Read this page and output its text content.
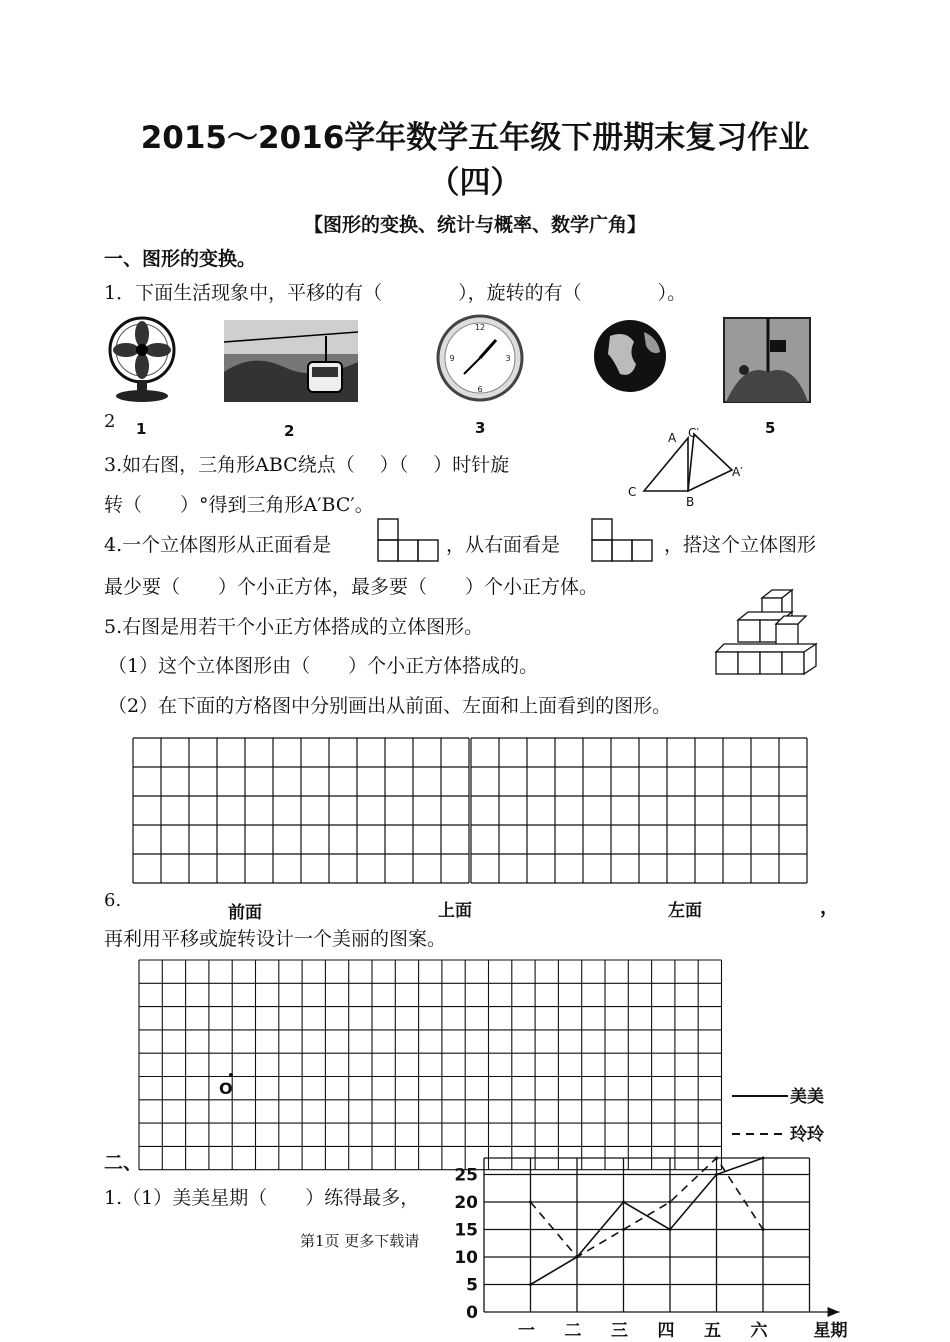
2015～2016学年数学五年级下册期末复习作业
（四）
【图形的变换、统计与概率、数学广角】
一、图形的变换。
1．下面生活现象中，平移的有（　　　　），旋转的有（　　　　）。
12
3
6
9
1	2	3	5
2
3.如右图，三角形ABC绕点（　 ）（　 ）时针旋
转（　　）°得到三角形A′BC′。
A C′
A′
C
B
4.一个立体图形从正面看是	，从右面看是	，搭这个立体图形
最少要（　　）个小正方体，最多要（　　）个小正方体。
5.右图是用若干个小正方体搭成的立体图形。
（1）这个立体图形由（　　）个小正方体搭成的。
（2）在下面的方格图中分别画出从前面、左面和上面看到的图形。
前面	上面	左面
6.	，
再利用平移或旋转设计一个美丽的图案。
O
二、
1.（1）美美星期（　　）练得最多，
第1页 更多下载请
0
5
10
15
20
25
一 二 三 四 五 六	星期
美美
玲玲
